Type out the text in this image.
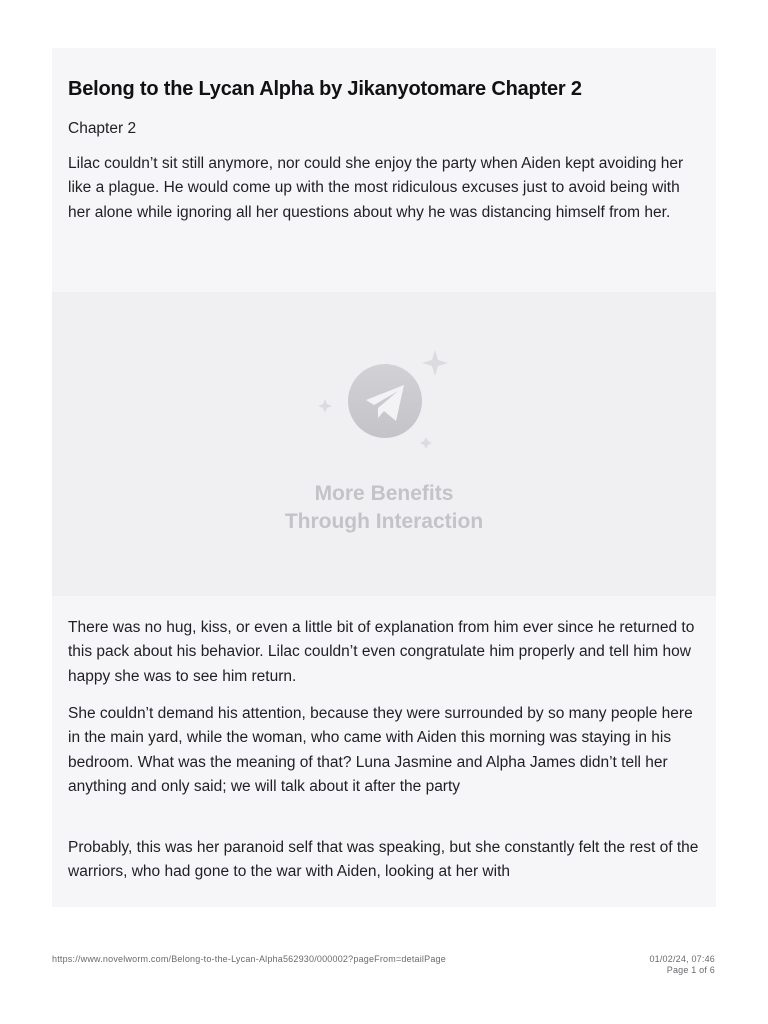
Belong to the Lycan Alpha by Jikanyotomare Chapter 2

Chapter 2

Lilac couldn’t sit still anymore, nor could she enjoy the party when Aiden kept avoiding her like a plague. He would come up with the most ridiculous excuses just to avoid being with her alone while ignoring all her questions about why he was distancing himself from her.

More Benefits

Through Interaction

There was no hug, kiss, or even a little bit of explanation from him ever since he returned to this pack about his behavior. Lilac couldn’t even congratulate him properly and tell him how happy she was to see him return.

She couldn’t demand his attention, because they were surrounded by so many people here in the main yard, while the woman, who came with Aiden this morning was staying in his bedroom. What was the meaning of that? Luna Jasmine and Alpha James didn’t tell her anything and only said; we will talk about it after the party

Probably, this was her paranoid self that was speaking, but she constantly felt the rest of the warriors, who had gone to the war with Aiden, looking at her with

https://www.novelworm.com/Belong-to-the-Lycan-Alpha562930/000002?pageFrom=detailPage	01/02/24, 07:46
Page 1 of 6
